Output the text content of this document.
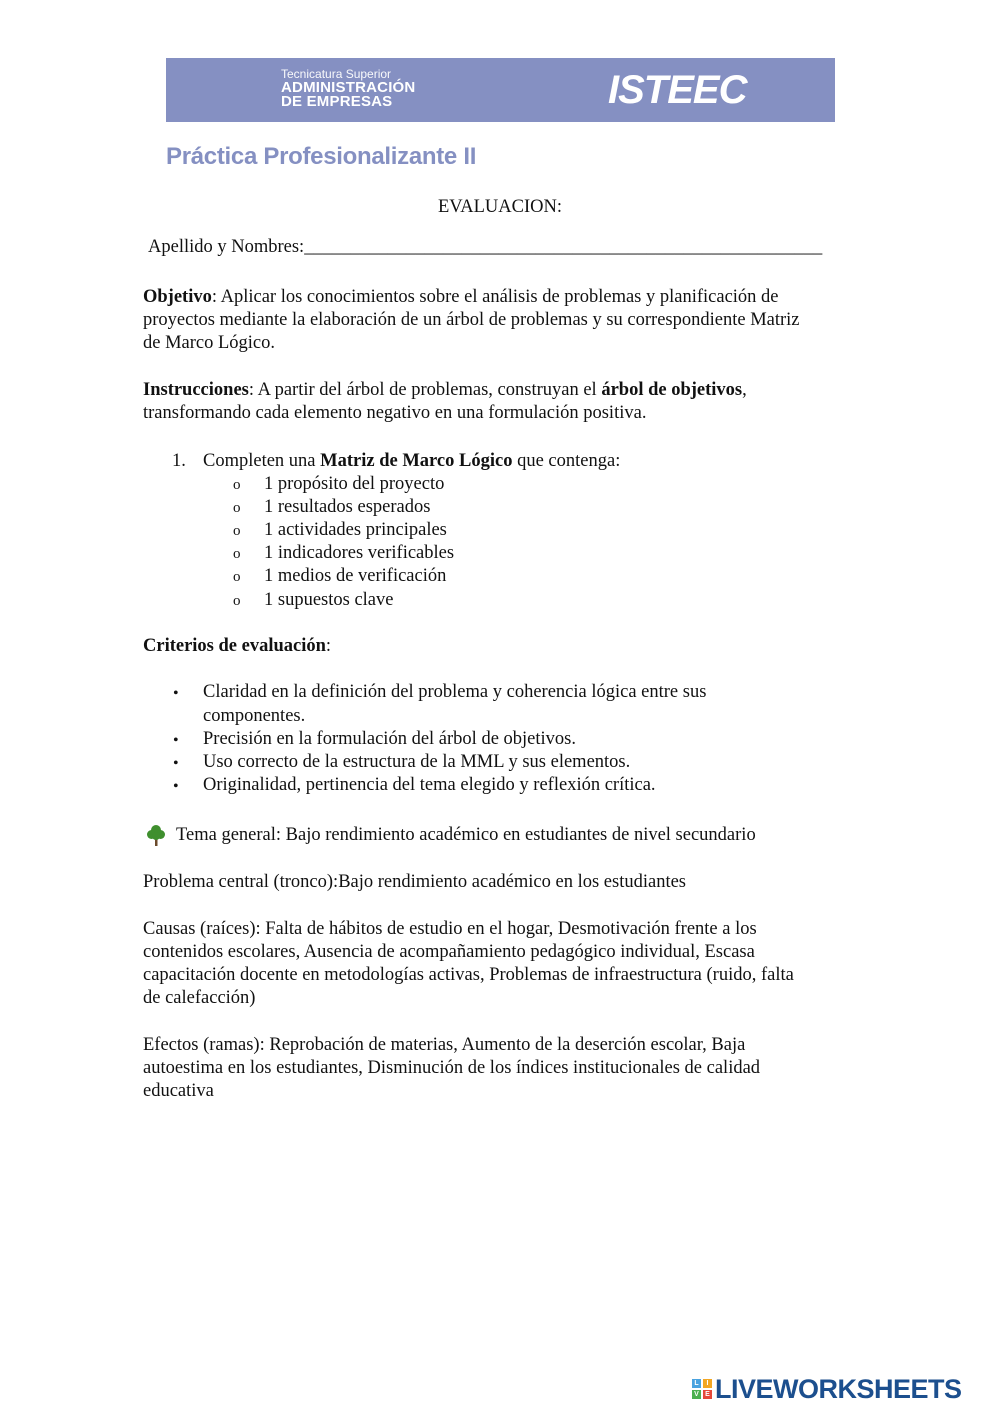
Tecnicatura Superior
ADMINISTRACIÓN
DE EMPRESAS	ISTEEC
Práctica Profesionalizante II
EVALUACION:
Apellido y Nombres:________________________________________________________
Objetivo: Aplicar los conocimientos sobre el análisis de problemas y planificación de
proyectos mediante la elaboración de un árbol de problemas y su correspondiente Matriz
de Marco Lógico.
Instrucciones: A partir del árbol de problemas, construyan el árbol de objetivos,
transformando cada elemento negativo en una formulación positiva.
1. Completen una Matriz de Marco Lógico que contenga:
o 1 propósito del proyecto
o 1 resultados esperados
o 1 actividades principales
o 1 indicadores verificables
o 1 medios de verificación
o 1 supuestos clave
Criterios de evaluación:
• Claridad en la definición del problema y coherencia lógica entre sus
componentes.
• Precisión en la formulación del árbol de objetivos.
• Uso correcto de la estructura de la MML y sus elementos.
• Originalidad, pertinencia del tema elegido y reflexión crítica.
Tema general: Bajo rendimiento académico en estudiantes de nivel secundario
Problema central (tronco):Bajo rendimiento académico en los estudiantes
Causas (raíces): Falta de hábitos de estudio en el hogar, Desmotivación frente a los
contenidos escolares, Ausencia de acompañamiento pedagógico individual, Escasa
capacitación docente en metodologías activas, Problemas de infraestructura (ruido, falta
de calefacción)
Efectos (ramas): Reprobación de materias, Aumento de la deserción escolar, Baja
autoestima en los estudiantes, Disminución de los índices institucionales de calidad
educativa
L	I
V E LIVEWORKSHEETS
